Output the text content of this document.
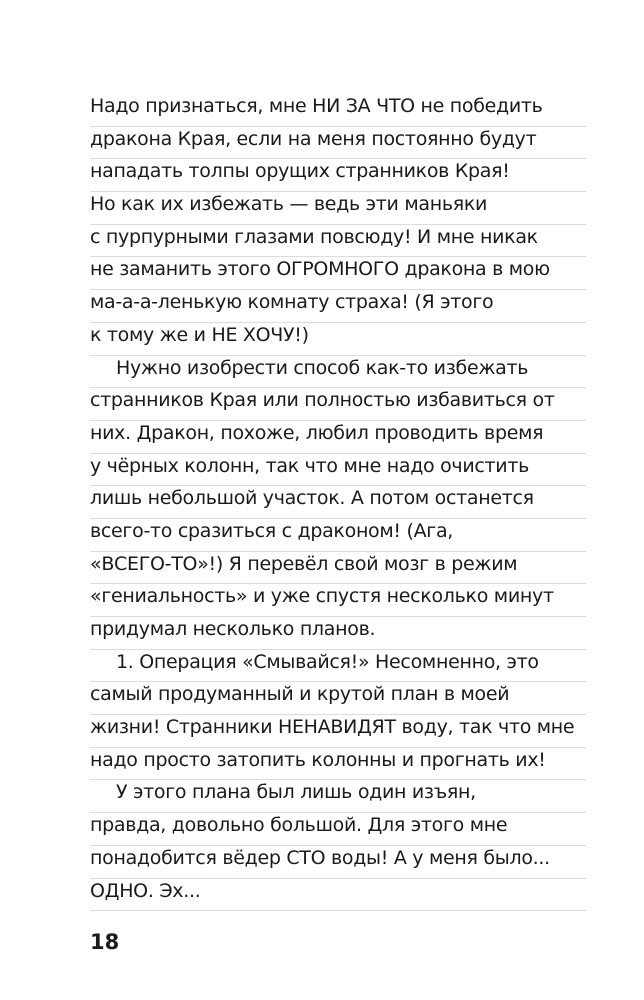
Надо признаться, мне НИ ЗА ЧТО не победить
дракона Края, если на меня постоянно будут
нападать толпы орущих странников Края!
Но как их избежать — ведь эти маньяки
с пурпурными глазами повсюду! И мне никак
не заманить этого ОГРОМНОГО дракона в мою
ма-а-а-ленькую комнату страха! (Я этого
к тому же и НЕ ХОЧУ!)
Нужно изобрести способ как-то избежать
странников Края или полностью избавиться от
них. Дракон, похоже, любил проводить время
у чёрных колонн, так что мне надо очистить
лишь небольшой участок. А потом останется
всего-то сразиться с драконом! (Ага,
«ВСЕГО-ТО»!) Я перевёл свой мозг в режим
«гениальность» и уже спустя несколько минут
придумал несколько планов.
1. Операция «Смывайся!» Несомненно, это
самый продуманный и крутой план в моей
жизни! Странники НЕНАВИДЯТ воду, так что мне
надо просто затопить колонны и прогнать их!
У этого плана был лишь один изъян,
правда, довольно большой. Для этого мне
понадобится вёдер СТО воды! А у меня было...
ОДНО. Эх...
18
